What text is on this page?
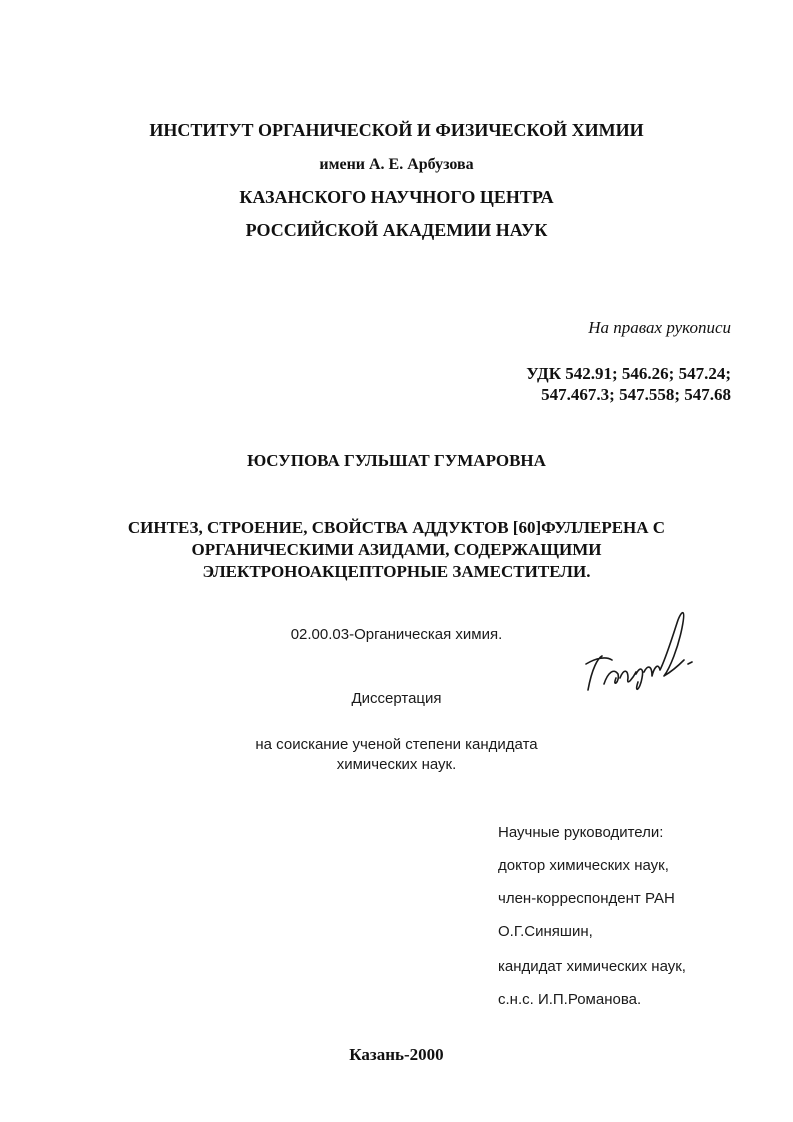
ИНСТИТУТ ОРГАНИЧЕСКОЙ И ФИЗИЧЕСКОЙ ХИМИИ
имени А. Е. Арбузова
КАЗАНСКОГО НАУЧНОГО ЦЕНТРА
РОССИЙСКОЙ АКАДЕМИИ НАУК
На правах рукописи
УДК 542.91; 546.26; 547.24;
547.467.3; 547.558; 547.68
ЮСУПОВА ГУЛЬШАТ ГУМАРОВНА
СИНТЕЗ, СТРОЕНИЕ, СВОЙСТВА АДДУКТОВ [60]ФУЛЛЕРЕНА С
ОРГАНИЧЕСКИМИ АЗИДАМИ, СОДЕРЖАЩИМИ
ЭЛЕКТРОНОАКЦЕПТОРНЫЕ ЗАМЕСТИТЕЛИ.
02.00.03-Органическая химия.
Диссертация
на соискание ученой степени кандидата
химических наук.
Научные руководители:
доктор химических наук,
член-корреспондент РАН
О.Г.Синяшин,
кандидат химических наук,
с.н.с. И.П.Романова.
Казань-2000
